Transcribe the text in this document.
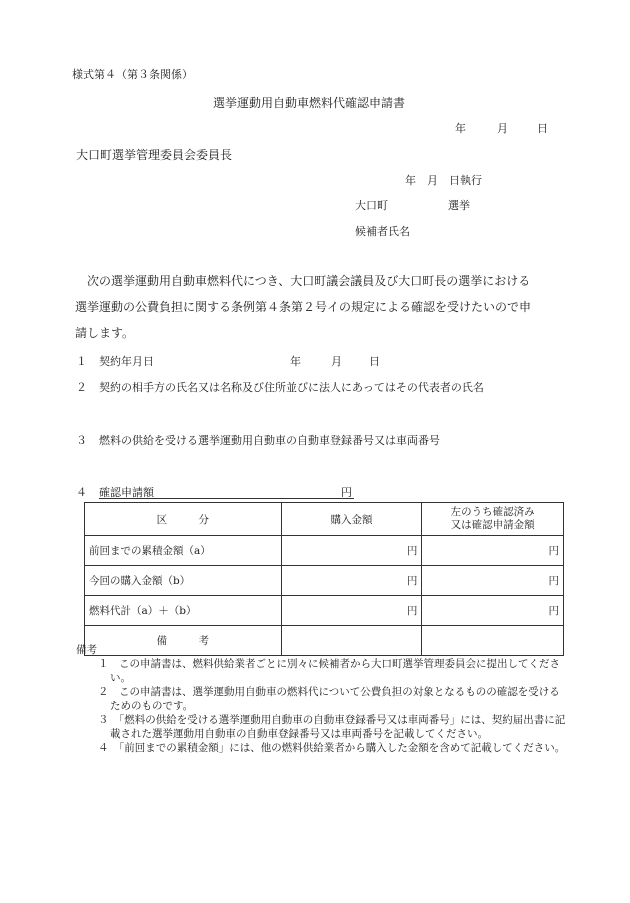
様式第４（第３条関係）
選挙運動用自動車燃料代確認申請書
年	月	日
大口町選挙管理委員会委員長
年　月　日執行
大口町	選挙
候補者氏名

次の選挙運動用自動車燃料代につき、大口町議会議員及び大口町長の選挙における

選挙運動の公費負担に関する条例第４条第２号イの規定による確認を受けたいので申

請します。

１ 契約年月日	年	月 日
２ 契約の相手方の氏名又は名称及び住所並びに法人にあってはその代表者の氏名
３ 燃料の供給を受ける選挙運動用自動車の自動車登録番号又は車両番号
４ 確認申請額	円
区　　　分	購入金額	左のうち確認済み
又は確認申請金額

前回までの累積金額（a）	円	円
今回の購入金額（b）	円	円
燃料代計（a）＋（b）	円	円
備　　　考		
備考
１　この申請書は、燃料供給業者ごとに別々に候補者から大口町選挙管理委員会に提出してください。
２　この申請書は、選挙運動用自動車の燃料代について公費負担の対象となるものの確認を受けるためのものです。
３　「燃料の供給を受ける選挙運動用自動車の自動車登録番号又は車両番号」には、契約届出書に記載された選挙運動用自動車の自動車登録番号又は車両番号を記載してください。
４　「前回までの累積金額」には、他の燃料供給業者から購入した金額を含めて記載してください。
